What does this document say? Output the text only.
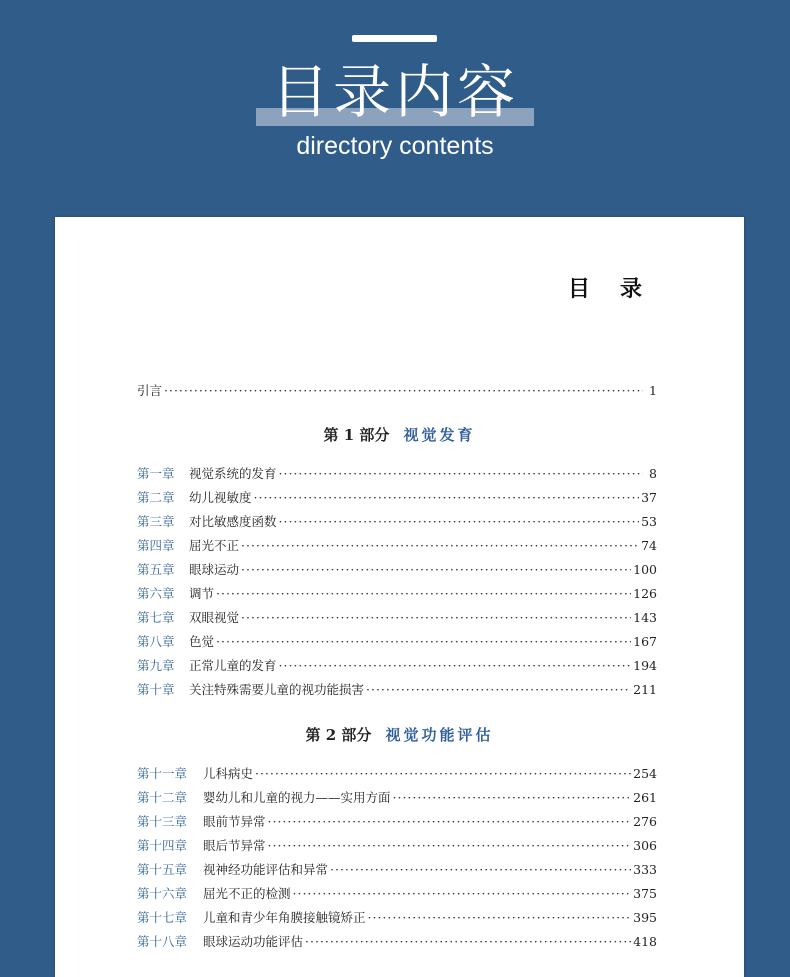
目录内容
directory contents
目录
引言 ·····	1
第 1 部分 视觉发育
第一章	视觉系统的发育 ·····	8
第二章	幼儿视敏度 ·····	37
第三章	对比敏感度函数 ·····	53
第四章	屈光不正 ·····	74
第五章	眼球运动 ·····	100
第六章	调节 ·····	126
第七章	双眼视觉 ·····	143
第八章	色觉 ·····	167
第九章	正常儿童的发育 ·····	194
第十章	关注特殊需要儿童的视功能损害 ·····	211
第 2 部分 视觉功能评估
第十一章	儿科病史 ·····	254
第十二章	婴幼儿和儿童的视力——实用方面 ·····	261
第十三章	眼前节异常 ·····	276
第十四章	眼后节异常 ·····	306
第十五章	视神经功能评估和异常 ·····	333
第十六章	屈光不正的检测 ·····	375
第十七章	儿童和青少年角膜接触镜矫正 ·····	395
第十八章	眼球运动功能评估 ·····	418
